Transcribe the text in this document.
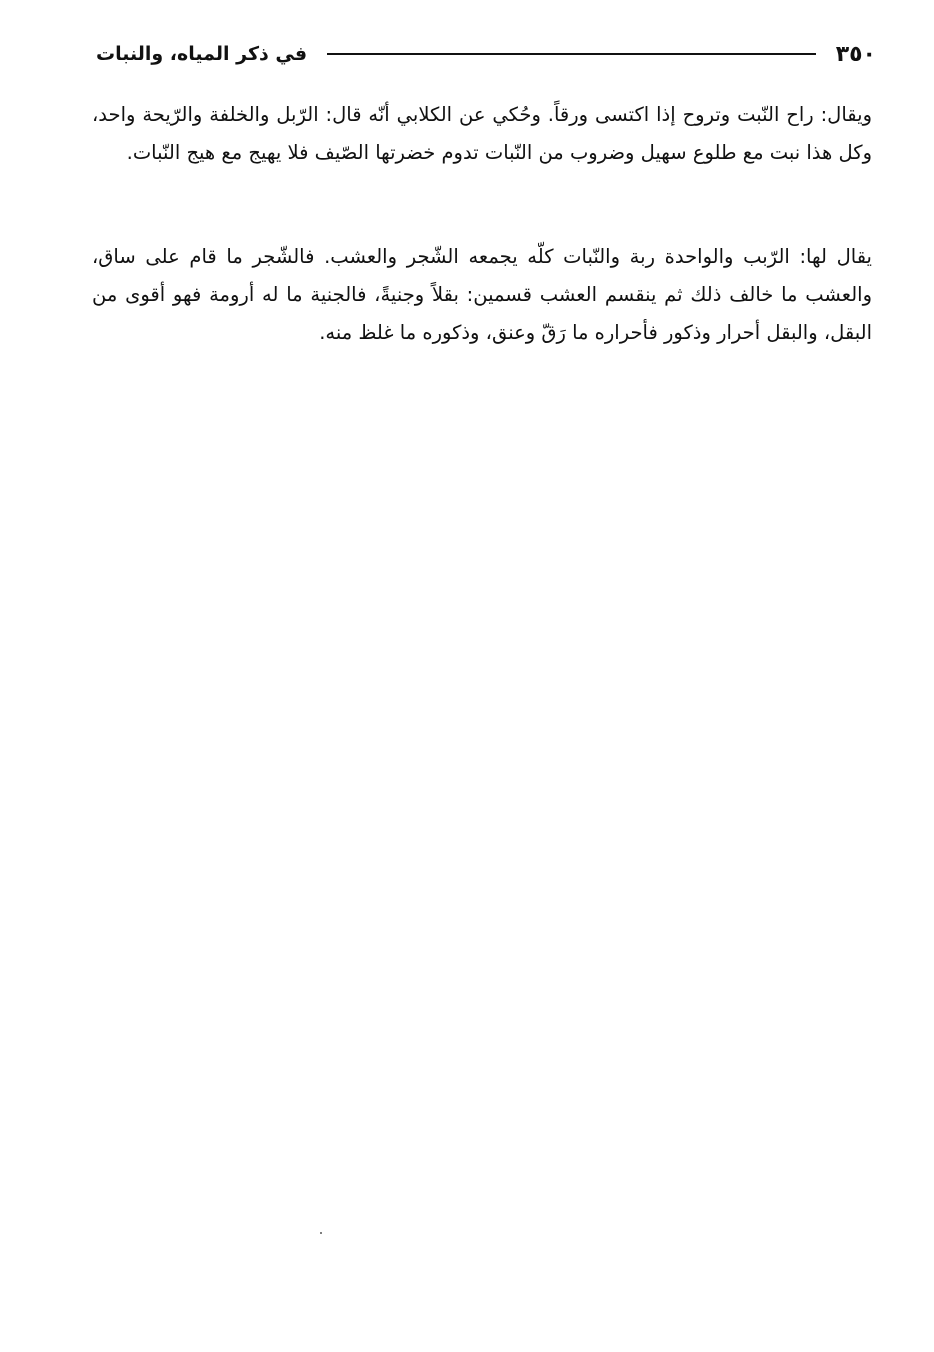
٣٥٠
في ذكر المياه، والنبات

ويقال: راح النّبت وتروح إذا اكتسى ورقاً. وحُكي عن الكلابي أنّه قال: الرّبل والخلفة والرّيحة واحد، وكل هذا نبت مع طلوع سهيل وضروب من النّبات تدوم خضرتها الصّيف فلا يهيج مع هيج النّبات.

يقال لها: الرّبب والواحدة ربة والنّبات كلّه يجمعه الشّجر والعشب. فالشّجر ما قام على ساق، والعشب ما خالف ذلك ثم ينقسم العشب قسمين: بقلاً وجنيةً، فالجنية ما له أرومة فهو أقوى من البقل، والبقل أحرار وذكور فأحراره ما رَقّ وعنق، وذكوره ما غلظ منه.
